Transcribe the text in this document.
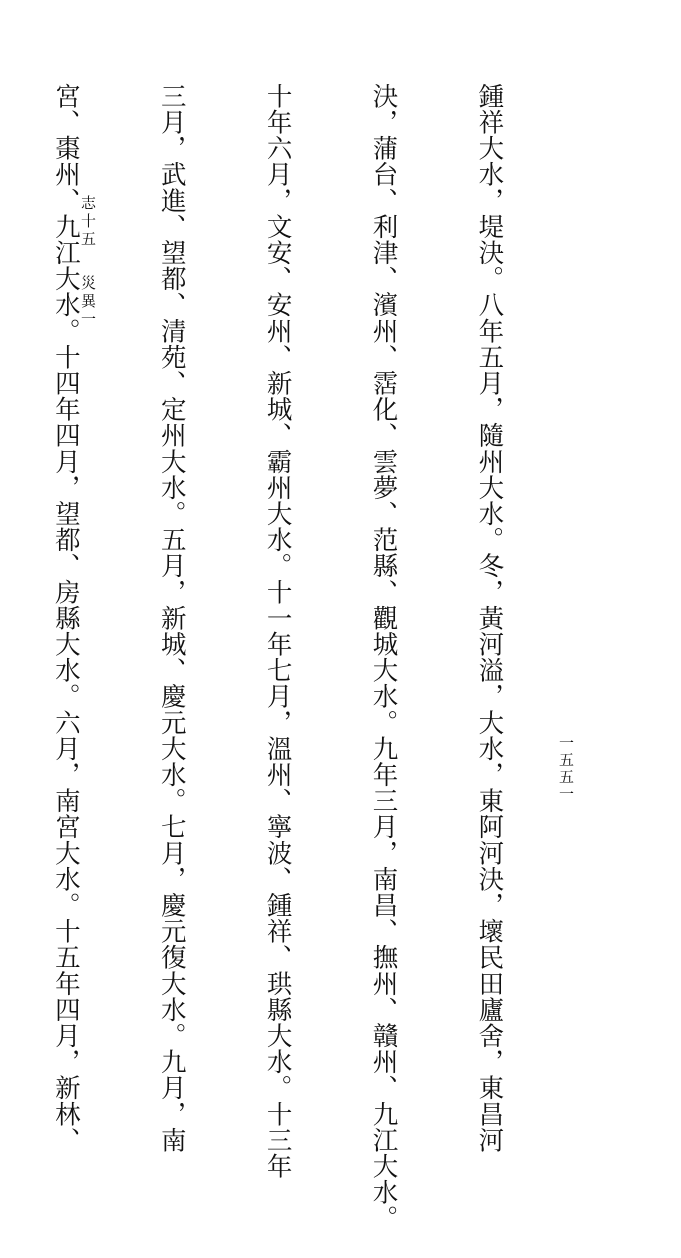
鍾祥大水，堤決。八年五月，隨州大水。冬，黃河溢，大水，東阿河決，壞民田廬舍，東昌河

決，蒲台、利津、濱州、霑化、雲夢、范縣、觀城大水。九年三月，南昌、撫州、贛州、九江大水。

十年六月，文安、安州、新城、霸州大水。十一年七月，溫州、寧波、鍾祥、珙縣大水。十三年

三月，武進、望都、清苑、定州大水。五月，新城、慶元大水。七月，慶元復大水。九月，南

宮、棗州、九江大水。十四年四月，望都、房縣大水。六月，南宮大水。十五年四月，新林、

志十五災異一
一五五一
